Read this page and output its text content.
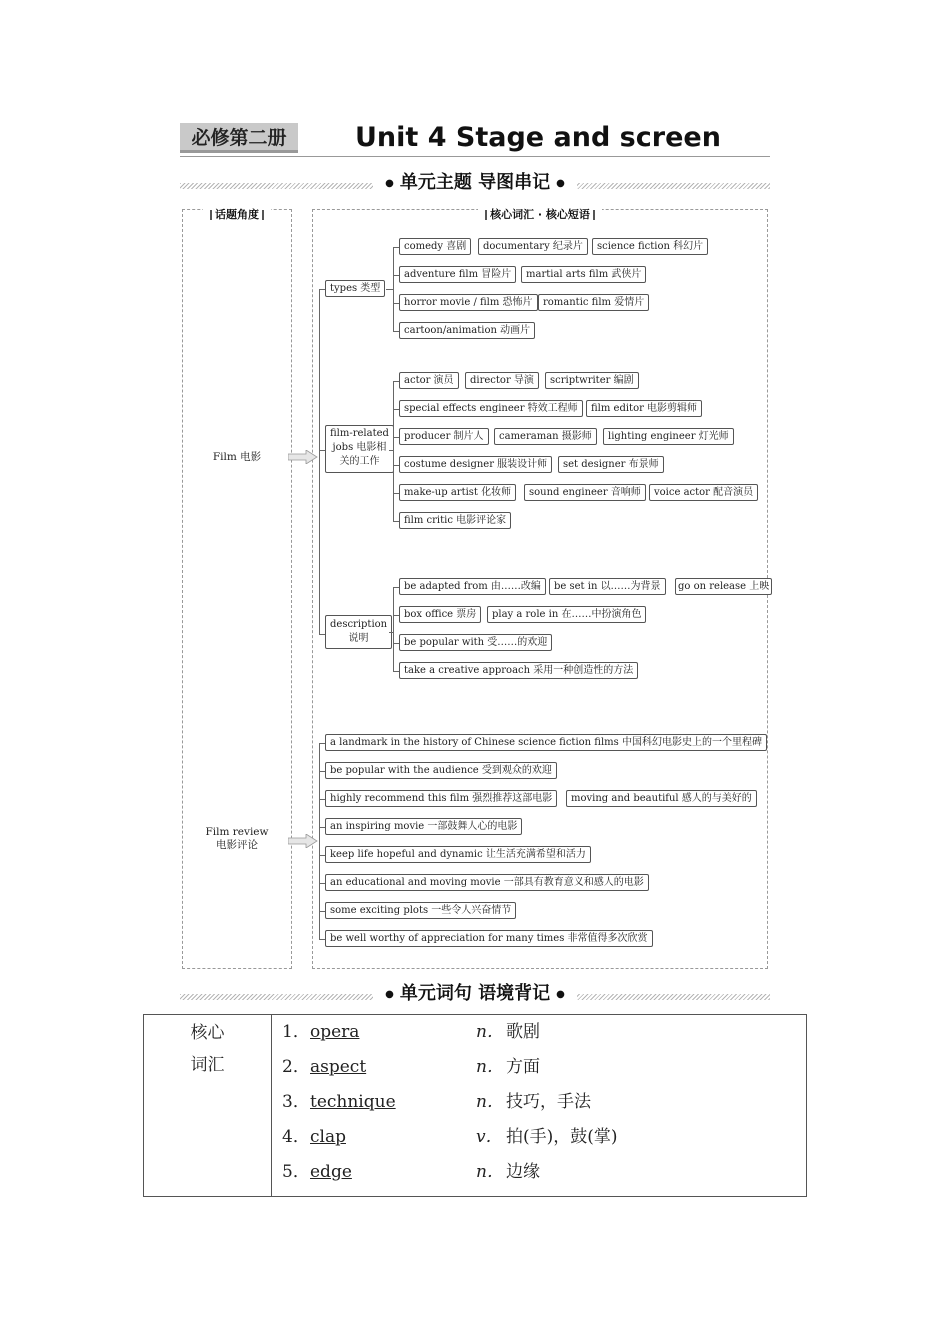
必修第二册	Unit 4 Stage and screen
● 单元主题 导图串记 ●
话题角度	核心词汇 · 核心短语
Film 电影
Film review
电影评论
types 类型
comedy 喜剧	documentary 纪录片	science fiction 科幻片
adventure film 冒险片	martial arts film 武侠片
horror movie / film 恐怖片	romantic film 爱情片
cartoon/animation 动画片
film-related
jobs 电影相
关的工作
actor 演员	director 导演	scriptwriter 编剧
special effects engineer 特效工程师	film editor 电影剪辑师
producer 制片人	cameraman 摄影师	lighting engineer 灯光师
costume designer 服装设计师	set designer 布景师
make-up artist 化妆师	sound engineer 音响师	voice actor 配音演员
film critic 电影评论家
description
说明
be adapted from 由……改编	be set in 以……为背景	go on release 上映
box office 票房	play a role in 在……中扮演角色
be popular with 受……的欢迎
take a creative approach 采用一种创造性的方法
a landmark in the history of Chinese science fiction films 中国科幻电影史上的一个里程碑
be popular with the audience 受到观众的欢迎
highly recommend this film 强烈推荐这部电影	moving and beautiful 感人的与美好的
an inspiring movie 一部鼓舞人心的电影
keep life hopeful and dynamic 让生活充满希望和活力
an educational and moving movie 一部具有教育意义和感人的电影
some exciting plots 一些令人兴奋情节
be well worthy of appreciation for many times 非常值得多次欣赏
● 单元词句 语境背记 ●
核心
词汇

1． opera	n． 歌剧
2． aspect	n． 方面
3． technique	n． 技巧，手法
4． clap	v． 拍(手)，鼓(掌)
5． edge	n． 边缘
